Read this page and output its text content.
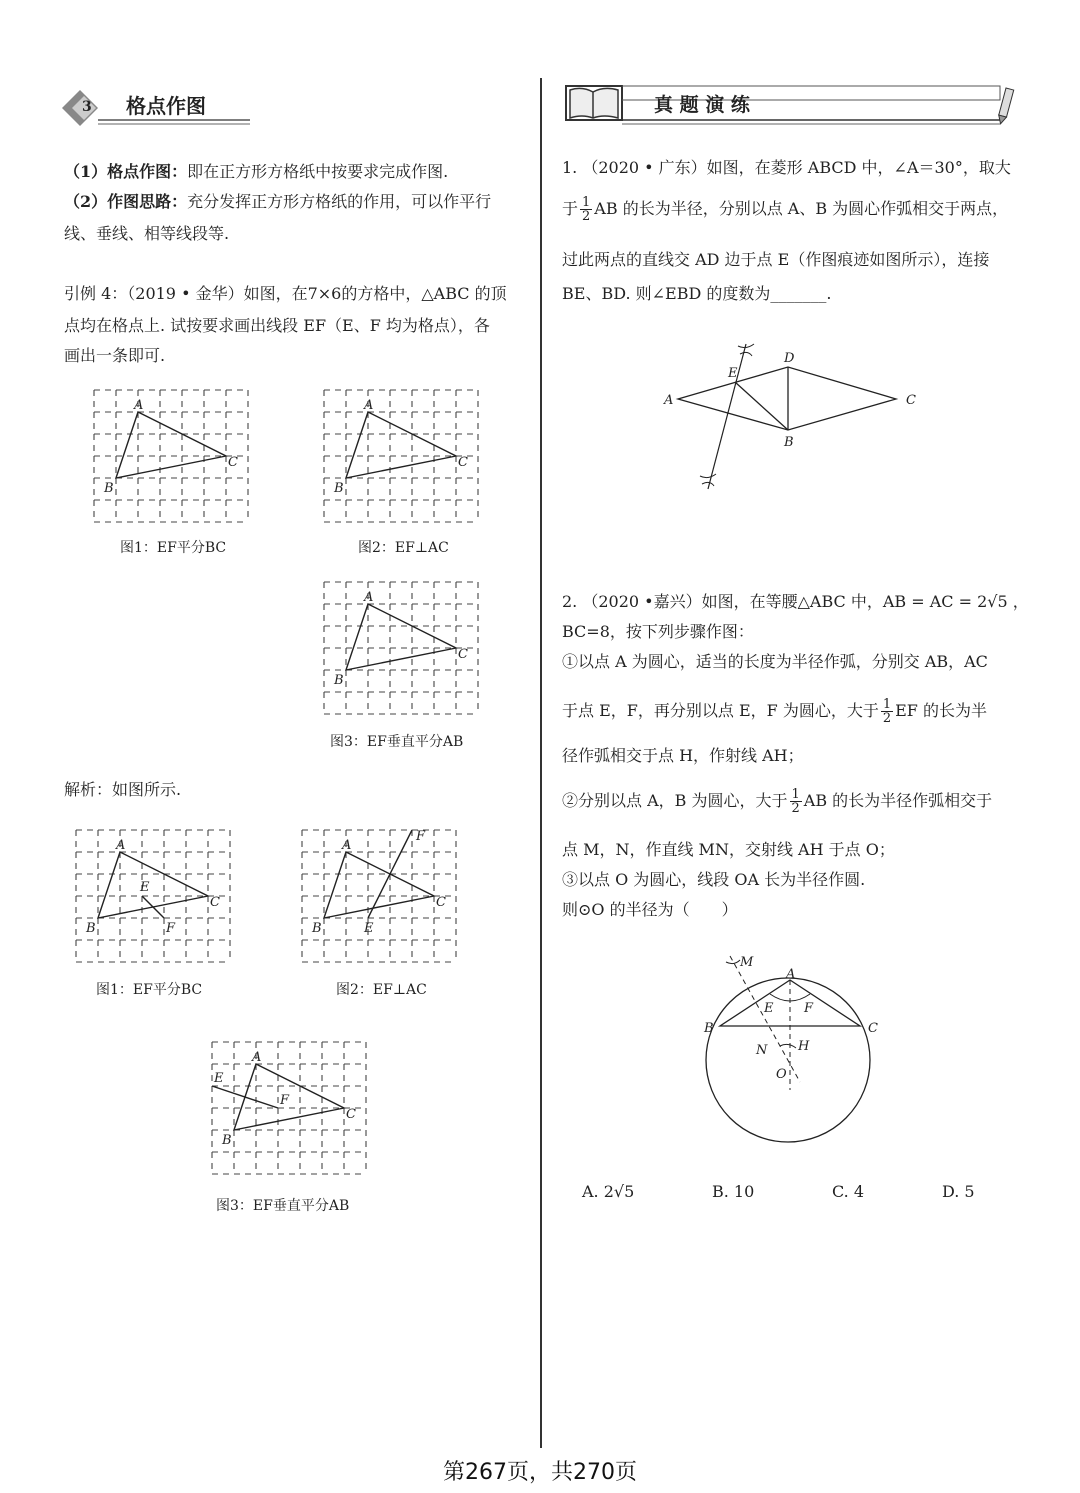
3 格点作图
（1）格点作图：即在正方形方格纸中按要求完成作图.
（2）作图思路：充分发挥正方形方格纸的作用，可以作平行
线、垂线、相等线段等.
引例 4：（2019 • 金华）如图，在7×6的方格中，△ABC 的顶
点均在格点上. 试按要求画出线段 EF（E、F 均为格点），各
画出一条即可.
A
B
C
图1：EF平分BC
A
B
C
图2：EF⊥AC
A
B
C
图3：EF垂直平分AB
解析：如图所示.
A
B
C
E
F
图1：EF平分BC
A
B
C
E
F
图2：EF⊥AC
A
B
C
E
F
图3：EF垂直平分AB
真 题 演 练
1. （2020 • 广东）如图，在菱形 ABCD 中，∠A＝30°，取大
于 $\frac{1}{2}$ AB 的长为半径，分别以点 A、B 为圆心作弧相交于两点，
过此两点的直线交 AD 边于点 E（作图痕迹如图所示），连接
BE、BD. 则∠EBD 的度数为_______.
A
D
C
B
E
2. （2020 •嘉兴）如图，在等腰△ABC 中，AB = AC = 2√5 ，
BC=8，按下列步骤作图：
①以点 A 为圆心，适当的长度为半径作弧，分别交 AB，AC
于点 E，F，再分别以点 E，F 为圆心，大于 $\frac{1}{2}$ EF 的长为半
径作弧相交于点 H，作射线 AH；
②分别以点 A，B 为圆心，大于 $\frac{1}{2}$ AB 的长为半径作弧相交于
点 M，N，作直线 MN，交射线 AH 于点 O；
③以点 O 为圆心，线段 OA 长为半径作圆.
则⊙O 的半径为（　　）
M
A
B	C
E F
N H
O
A. 2√5	B. 10	C. 4	D. 5
第267页，共270页
